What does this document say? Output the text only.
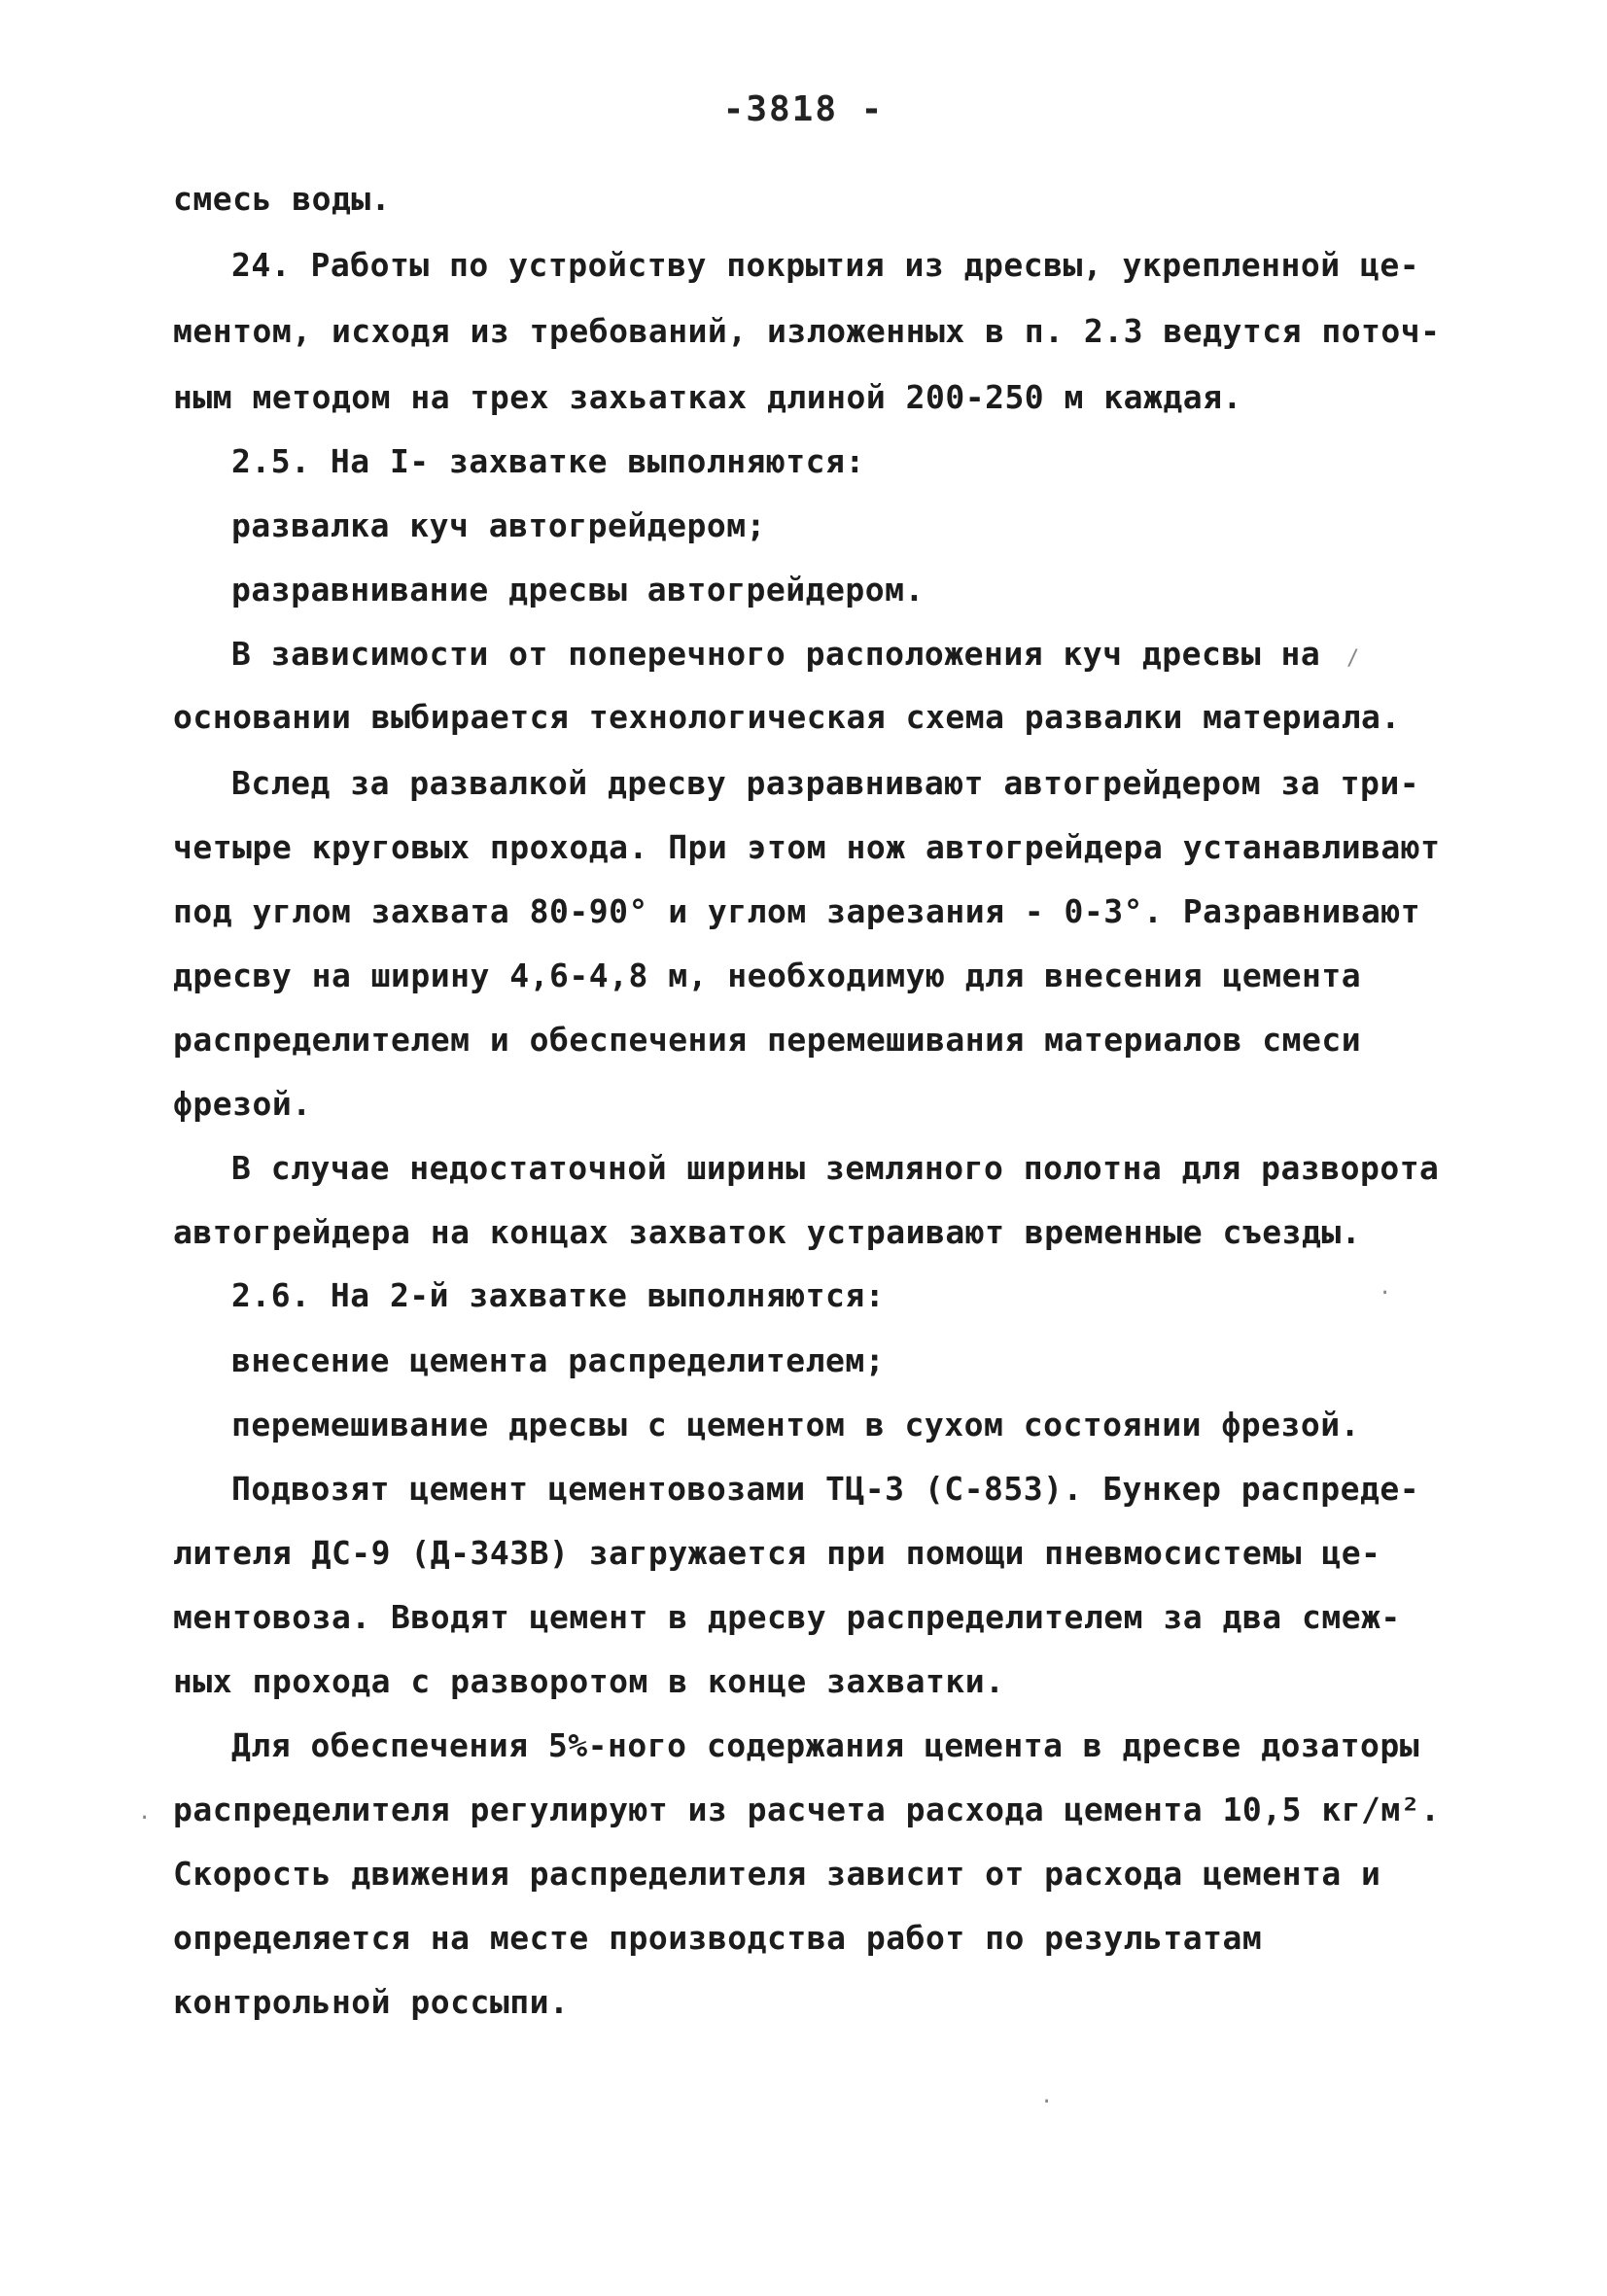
-3818 -
смесь воды.
24. Работы по устройству покрытия из дресвы, укрепленной це-
ментом, исходя из требований, изложенных в п. 2.3 ведутся поточ-
ным методом на трех захьатках длиной 200-250 м каждая.
2.5. На I- захватке выполняются:
развалка куч автогрейдером;
разравнивание дресвы автогрейдером.
В зависимости от поперечного расположения куч дресвы на
основании выбирается технологическая схема развалки материала.
Вслед за развалкой дресву разравнивают автогрейдером за три-
четыре круговых прохода. При этом нож автогрейдера устанавливают
под углом захвата 80-90° и углом зарезания - 0-3°. Разравнивают
дресву на ширину 4,6-4,8 м, необходимую для внесения цемента
распределителем и обеспечения перемешивания материалов смеси
фрезой.
В случае недостаточной ширины земляного полотна для разворота
автогрейдера на концах захваток устраивают временные съезды.
2.6. На 2-й захватке выполняются:
внесение цемента распределителем;
перемешивание дресвы с цементом в сухом состоянии фрезой.
Подвозят цемент цементовозами ТЦ-3 (С-853). Бункер распреде-
лителя ДС-9 (Д-343В) загружается при помощи пневмосистемы це-
ментовоза. Вводят цемент в дресву распределителем за два смеж-
ных прохода с разворотом в конце захватки.
Для обеспечения 5%-ного содержания цемента в дресве дозаторы
распределителя регулируют из расчета расхода цемента 10,5 кг/м².
Скорость движения распределителя зависит от расхода цемента и
определяется на месте производства работ по результатам
контрольной россыпи.
/
·
·
·
